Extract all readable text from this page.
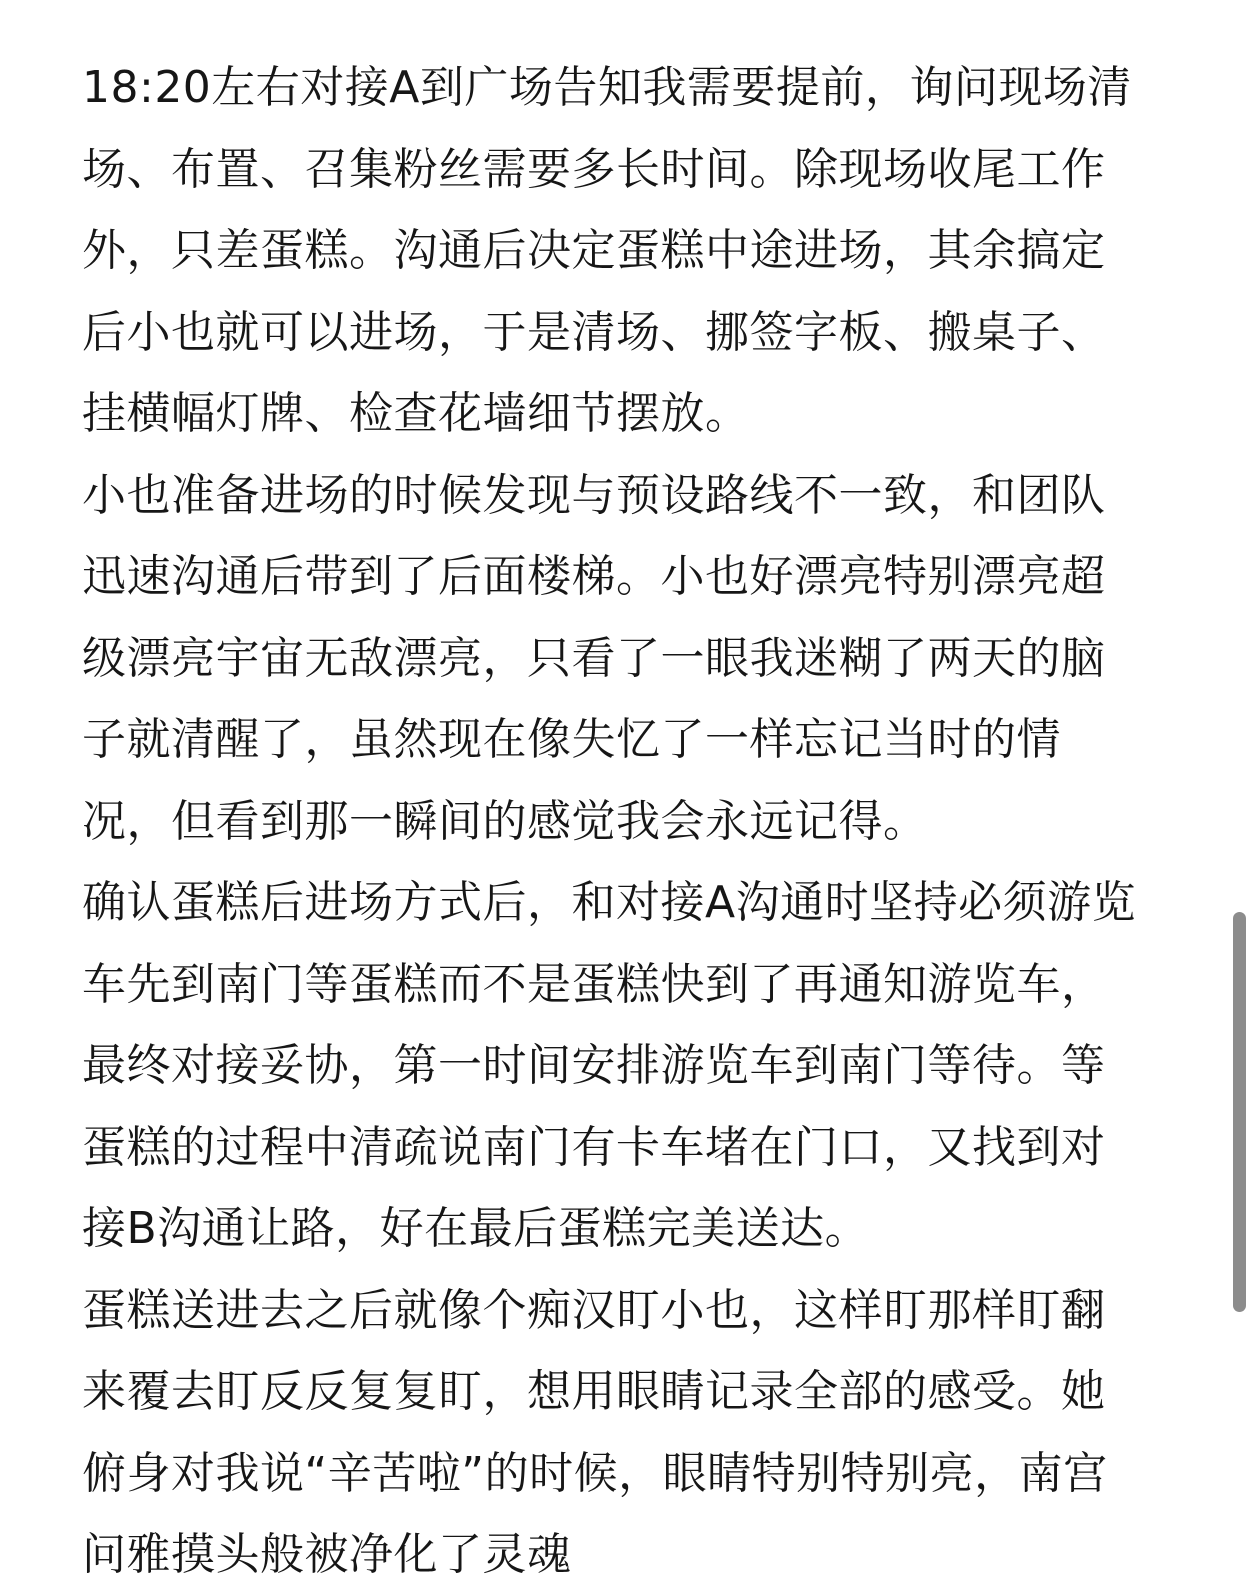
18:20左右对接A到广场告知我需要提前，询问现场清
场、布置、召集粉丝需要多长时间。除现场收尾工作
外，只差蛋糕。沟通后决定蛋糕中途进场，其余搞定
后小也就可以进场，于是清场、挪签字板、搬桌子、
挂横幅灯牌、检查花墙细节摆放。

小也准备进场的时候发现与预设路线不一致，和团队
迅速沟通后带到了后面楼梯。小也好漂亮特别漂亮超
级漂亮宇宙无敌漂亮，只看了一眼我迷糊了两天的脑
子就清醒了，虽然现在像失忆了一样忘记当时的情
况，但看到那一瞬间的感觉我会永远记得。

确认蛋糕后进场方式后，和对接A沟通时坚持必须游览
车先到南门等蛋糕而不是蛋糕快到了再通知游览车，
最终对接妥协，第一时间安排游览车到南门等待。等
蛋糕的过程中清疏说南门有卡车堵在门口，又找到对
接B沟通让路，好在最后蛋糕完美送达。

蛋糕送进去之后就像个痴汉盯小也，这样盯那样盯翻
来覆去盯反反复复盯，想用眼睛记录全部的感受。她
俯身对我说“辛苦啦”的时候，眼睛特别特别亮，南宫
问雅摸头般被净化了灵魂
